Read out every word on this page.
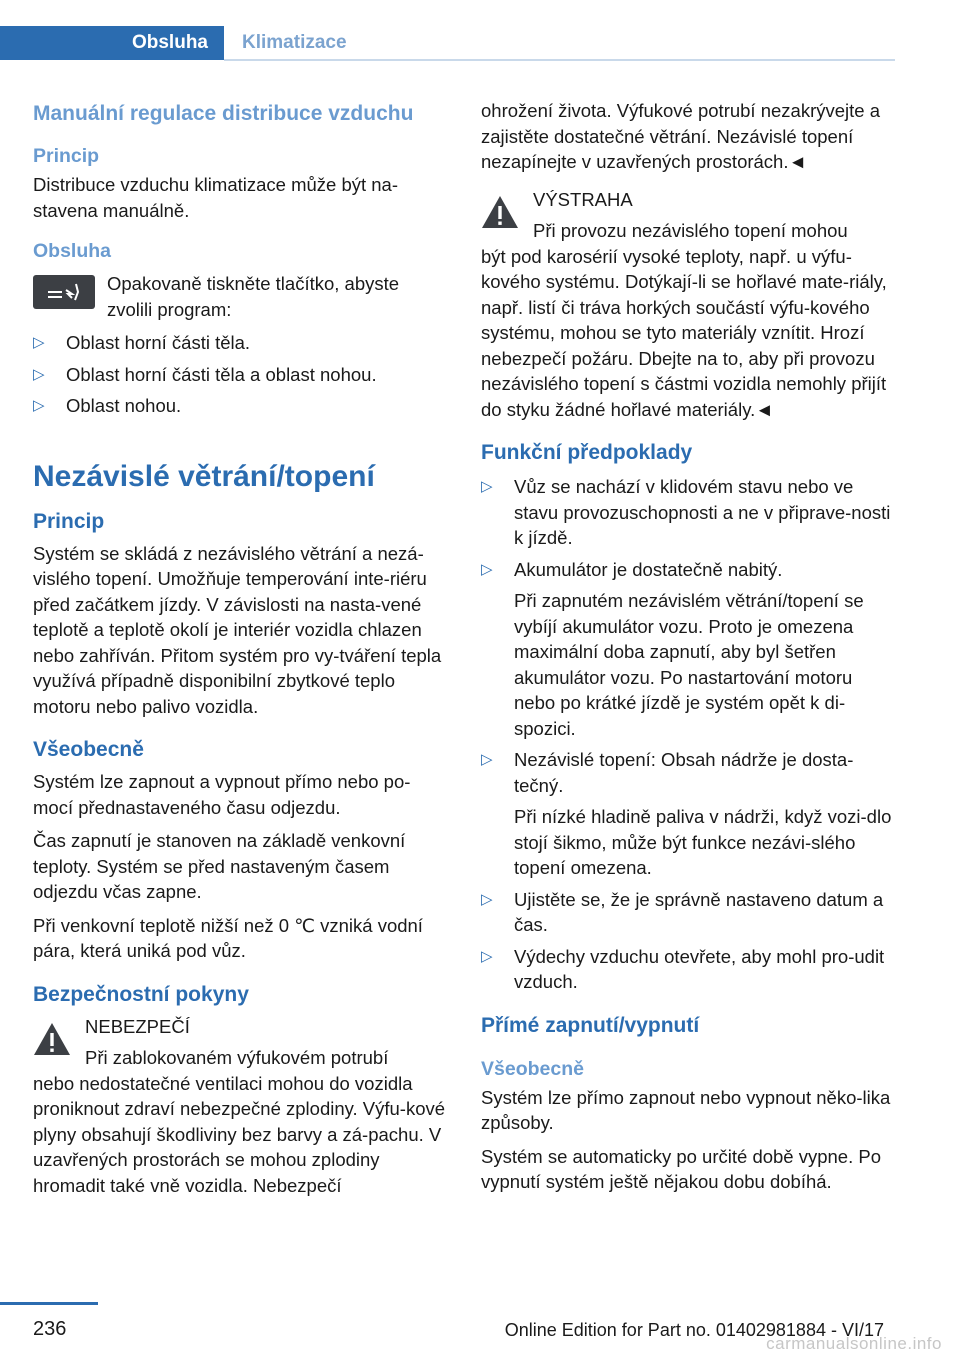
Obsluha	Klimatizace
Manuální regulace distribuce vzduchu
Princip

Distribuce vzduchu klimatizace může být na-stavena manuálně.

Obsluha
Opakovaně tiskněte tlačítko, abyste zvolili program:
▷ Oblast horní části těla.
▷ Oblast horní části těla a oblast nohou.
▷ Oblast nohou.
Nezávislé větrání/topení
Princip

Systém se skládá z nezávislého větrání a nezá-vislého topení. Umožňuje temperování inte-riéru před začátkem jízdy. V závislosti na nasta-vené teplotě a teplotě okolí je interiér vozidla chlazen nebo zahříván. Přitom systém pro vy-tváření tepla využívá případně disponibilní zbytkové teplo motoru nebo palivo vozidla.

Všeobecně

Systém lze zapnout a vypnout přímo nebo po-mocí přednastaveného času odjezdu.

Čas zapnutí je stanoven na základě venkovní teploty. Systém se před nastaveným časem odjezdu včas zapne.

Při venkovní teplotě nižší než 0 ℃ vzniká vodní pára, která uniká pod vůz.

Bezpečnostní pokyny
NEBEZPEČÍ
Při zablokovaném výfukovém potrubí
nebo nedostatečné ventilaci mohou do vozidla proniknout zdraví nebezpečné zplodiny. Výfu-kové plyny obsahují škodliviny bez barvy a zá-pachu. V uzavřených prostorách se mohou zplodiny hromadit také vně vozidla. Nebezpečí

ohrožení života. Výfukové potrubí nezakrývejte a zajistěte dostatečné větrání. Nezávislé topení nezapínejte v uzavřených prostorách.◄

VÝSTRAHA
Při provozu nezávislého topení mohou
být pod karosérií vysoké teploty, např. u výfu-kového systému. Dotýkají-li se hořlavé mate-riály, např. listí či tráva horkých součástí výfu-kového systému, mohou se tyto materiály vznítit. Hrozí nebezpečí požáru. Dbejte na to, aby při provozu nezávislého topení s částmi vozidla nemohly přijít do styku žádné hořlavé materiály.◄
Funkční předpoklady
▷ Vůz se nachází v klidovém stavu nebo ve stavu provozuschopnosti a ne v připrave-nosti k jízdě.
▷ Akumulátor je dostatečně nabitý.
Při zapnutém nezávislém větrání/topení se vybíjí akumulátor vozu. Proto je omezena maximální doba zapnutí, aby byl šetřen akumulátor vozu. Po nastartování motoru nebo po krátké jízdě je systém opět k di-spozici.
▷ Nezávislé topení: Obsah nádrže je dosta-tečný.
Při nízké hladině paliva v nádrži, když vozi-dlo stojí šikmo, může být funkce nezávi-slého topení omezena.
▷ Ujistěte se, že je správně nastaveno datum a čas.
▷ Výdechy vzduchu otevřete, aby mohl pro-udit vzduch.
Přímé zapnutí/vypnutí
Všeobecně

Systém lze přímo zapnout nebo vypnout něko-lika způsoby.

Systém se automaticky po určité době vypne. Po vypnutí systém ještě nějakou dobu dobíhá.

236	Online Edition for Part no. 01402981884 - VI/17
carmanualsonline.info
